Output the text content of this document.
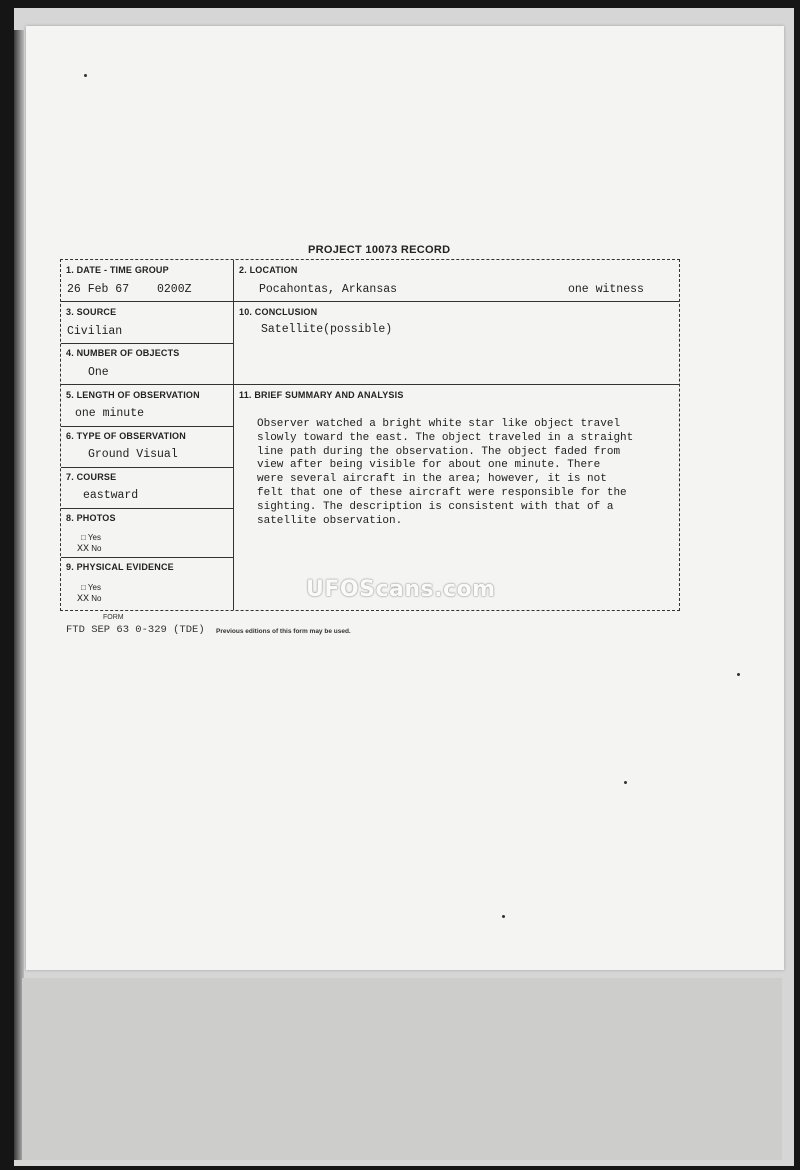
PROJECT 10073 RECORD
1. DATE - TIME GROUP
26 Feb 67 0200Z
2. LOCATION
Pocahontas, Arkansas	one witness
3. SOURCE
Civilian
10. CONCLUSION
Satellite(possible)
4. NUMBER OF OBJECTS
One
5. LENGTH OF OBSERVATION
one minute
11. BRIEF SUMMARY AND ANALYSIS
Observer watched a bright white star like object travel
slowly toward the east. The object traveled in a straight
line path during the observation. The object faded from
view after being visible for about one minute. There
were several aircraft in the area; however, it is not
felt that one of these aircraft were responsible for the
sighting. The description is consistent with that of a
satellite observation.
6. TYPE OF OBSERVATION
Ground Visual
7. COURSE
eastward
8. PHOTOS
□ Yes
XX No
9. PHYSICAL EVIDENCE
□ Yes
XX No	UFOScans.com
FORM
FTD SEP 63 0-329 (TDE) Previous editions of this form may be used.
